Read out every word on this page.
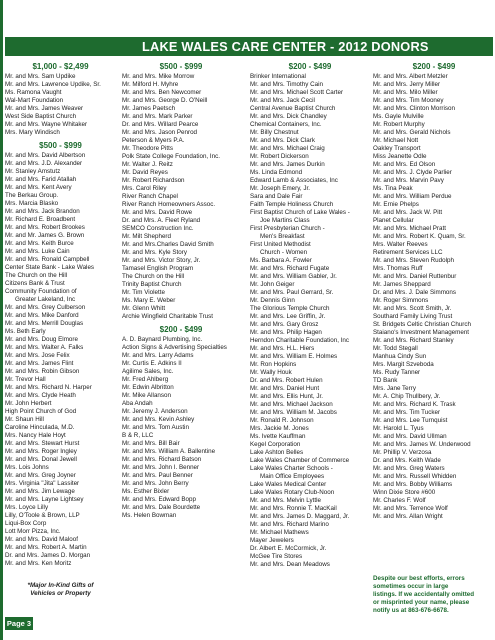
LAKE WALES CARE CENTER - 2012 DONORS
$1,000 - $2,499
Mr. and Mrs. Sam Updike
Mr. and Mrs. Lawrence Updike, Sr.
Ms. Ramona Vaught
Wal-Mart Foundation
Mr. and Mrs. James Weaver
West Side Baptist Church
Mr. and Mrs. Wayne Whitaker
Mrs. Mary Windisch
$500 - $999
Mr. and Mrs. David Albertson
Mr. and Mrs. J.D. Alexander
Mr. Stanley Amstutz
Mr. and Mrs. Farid Atallah
Mr. and Mrs. Kent Avery
The Berkau Group.
Mrs. Marcia Blasko
Mr. and Mrs. Jack Brandon
Mr. Richard E. Broadbent
Mr. and Mrs. Robert Brookes
Mr. and Mr. James G. Brown
Mr. and Mrs. Keith Burce
Mr. and Mrs. Luke Cain
Mr. and Mrs. Ronald Campbell
Center State Bank - Lake Wales
The Church on the Hill
Citizens Bank & Trust
Community Foundation of
Greater Lakeland, Inc
Mr. and Mrs. Grey Culberson
Mr. and Mrs. Mike Danford
Mr. and Mrs. Merrill Douglas
Ms. Beth Early
Mr. and Mrs. Doug Elmore
Mr. and Mrs. Walter A. Falks
Mr. and Mrs. Jose Felix
Mr. and Mrs. James Flint
Mr. and Mrs. Robin Gibson
Mr. Trevor Hall
Mr. and Mrs. Richard N. Harper
Mr. and Mrs. Clyde Heath
Mr. John Herbert
High Point Church of God
Mr. Shaun Hill
Caroline Hinculada, M.D.
Mrs. Nancy Hale Hoyt
Mr. and Mrs. Stewart Hurst
Mr. and Mrs. Roger Ingley
Mr. and Mrs. Donal Jewell
Mrs. Lois Johns
Mr. and Mrs. Greg Joyner
Mrs. Virginia "Jita" Lassiter
Mr. and Mrs. Jim Lewage
Mr. and Mrs. Layne Lightsey
Mrs. Loyce Lilly
Lilly, O'Toole & Brown, LLP
Liqui-Box Corp
Lott Morr Pizza, Inc.
Mr. and Mrs. David Maloof
Mr. and Mrs. Robert A. Martin
Dr. and Mrs. James D. Morgan
Mr. and Mrs. Ken Moritz
*Major In-Kind Gifts of
Vehicles or Property
$500 - $999
Mr. and Mrs. Mike Morrow
Mr. Milford H. Myhre
Mr. and Mrs. Ben Newcomer
Mr. and Mrs. George D. O'Neill
Mr. James Paetsch
Mr. and Mrs. Mark Parker
Dr. and Mrs. Willard Pearce
Mr. and Mrs. Jason Penrod
Peterson & Myers P.A.
Mr. Theodore Pitts
Polk State College Foundation, Inc.
Mr. Walter J. Reitz
Mr. David Reyes
Mr. Robert Richardson
Mrs. Carol Riley
River Ranch Chapel
River Ranch Homeowners Assoc.
Mr. and Mrs. David Rowe
Dr. and Mrs. A. Fleet Ryland
SEMCO Construction Inc.
Mr. Milt Shepherd
Mr. and Mrs.Charles David Smith
Mr. and Mrs. Kyle Story
Mr. and Mrs. Victor Story, Jr.
Tamasel English Program
The Church on the Hill
Trinity Baptist Church
Mr. Tim Violette
Ms. Mary E. Weber
Mr. Glenn Whitt
Archie Wingfield Charitable Trust
$200 - $499
A. D. Baynard Plumbing, Inc.
Action Signs & Advertising Specialties
Mr. and Mrs. Larry Adams
Mr. Curtis E. Adkins II
Agilime Sales, Inc.
Mr. Fred Ahlberg
Mr. Edwin Albritton
Mr. Mike Allanson
Aba Andah
Mr. Jeremy J. Anderson
Mr. and Mrs. Kevin Ashley
Mr. and Mrs. Tom Austin
B & R, LLC
Mr. and Mrs. Bill Bair
Mr. and Mrs. William A. Ballentine
Mr. and Mrs. Richard Batson
Mr. and Mrs. John I. Benner
Mr. and Mrs. Paul Benner
Mr. and Mrs. John Berry
Ms. Esther Bixler
Mr. and Mrs. Edward Bopp
Mr. and Mrs. Dale Bourdette
Ms. Helen Bowman
$200 - $499
Brinker International
Mr. and Mrs. Timothy Cain
Mr. and Mrs. Michael Scott Carter
Mr. and Mrs. Jack Cecil
Central Avenue Baptist Church
Mr. and Mrs. Dick Chandley
Chemical Containers, Inc.
Mr. Billy Chestnut
Mr. and Mrs. Dick Clark
Mr. and Mrs. Michael Craig
Mr. Robert Dickerson
Mr. and Mrs. James Durkin
Ms. Linda Edmond
Edward Lamb & Associates, Inc
Mr. Joseph Emery, Jr.
Sara and Dale Fair
Faith Temple Holiness Church
First Baptist Church of Lake Wales -
Joe Martins Class
First Presbyterian Church -
Men's Breakfast
First United Methodist
Church - Women
Ms. Barbara A. Fowler
Mr. and Mrs. Richard Fugate
Mr. and Mrs. William Gabler, Jr.
Mr. John Geiger
Mr. and Mrs. Paul Gerrard, Sr.
Mr. Dennis Ginn
The Glorious Temple Church
Mr. and Mrs. Lee Griffin, Jr.
Mr. and Mrs. Gary Grosz
Mr. and Mrs. Philip Hagen
Herndon Charitable Foundation, Inc
Mr. and Mrs. H.L. Hiers
Mr. and Mrs. William E. Holmes
Mr. Ron Hopkins
Mr. Wally Houk
Dr. and Mrs. Robert Hulen
Mr. and Mrs. Daniel Hunt
Mr. and Mrs. Ellis Hunt, Jr.
Mr. and Mrs. Michael Jackson
Mr. and Mrs. William M. Jacobs
Mr. Ronald R. Johnson
Mrs. Jackie M. Jones
Ms. Ivette Kauffman
Kegel Corporation
Lake Ashton Belles
Lake Wales Chamber of Commerce
Lake Wales Charter Schools -
Main Office Employees
Lake Wales Medical Center
Lake Wales Rotary Club-Noon
Mr. and Mrs. Melvin Lyttle
Mr. and Mrs. Ronnie T. MacKail
Mr. and Mrs. James D. Maggard, Jr.
Mr. and Mrs. Richard Marino
Mr. Michael Mathews
Mayer Jewelers
Dr. Albert E. McCormick, Jr.
McGee Tire Stores
Mr. and Mrs. Dean Meadows
$200 - $499
Mr. and Mrs. Albert Metzler
Mr. and Mrs. Jerry Miller
Mr. and Mrs. Milo Miller
Mr. and Mrs. Tim Mooney
Mr. and Mrs. Clinton Morrison
Ms. Gayle Mulville
Mr. Robert Murphy
Mr. and Mrs. Gerald Nichols
Mr. Michael Nott
Oakley Transport
Miss Jeanette Odle
Mr. and Mrs. Ed Olson
Mr. and Mrs. J. Clyde Parlier
Mr. and Mrs. Marvin Pavy
Ms. Tina Peak
Mr. and Mrs. William Perdue
Mr. Ernie Phelps
Mr. and Mrs. Jack W. Pitt
Planet Cellular
Mr. and Mrs. Michael Pratt
Mr. and Mrs. Robert K. Quam, Sr.
Mrs. Walter Reeves
Retirement Services LLC
Mr. and Mrs. Steven Rudolph
Mrs. Thomas Ruff
Mr. and Mrs. Daniel Ruttenbur
Mr. James Sheppard
Dr. and Mrs. J. Dale Simmons
Mr. Roger Simmons
Mr. and Mrs. Scott Smith, Jr.
Southard Family Living Trust
St. Bridgets Celtic Christian Church
Staiano's Investment Management
Mr. and Mrs. Richard Stanley
Mr. Todd Stegall
Manhua Cindy Sun
Mrs. Margit Szveboda
Ms. Rudy Tanner
TD Bank
Mrs. Jane Terry
Mr. A. Chip Thullbery, Jr.
Mr. and Mrs. Richard K. Trask
Mr. and Mrs. Tim Tucker
Mr. and Mrs. Lee Turnquist
Mr. Harold L. Tyus
Mr. and Mrs. David Ullman
Mr. and Mrs. James W. Underwood
Mr. Phillip V. Verzosa
Dr. and Mrs. Keith Wade
Mr. and Mrs. Greg Waters
Mr. and Mrs. Russell Whidden
Mr. and Mrs. Bobby Williams
Winn Dixie Store #600
Mr. Charles F. Wolf
Mr. and Mrs. Terrence Wolf
Mr. and Mrs. Allan Wright
Despite our best efforts, errors
sometimes occur in large
listings. If we accidentally omitted
or misprinted your name, please
notify us at 863-676-6678.
Page 3
